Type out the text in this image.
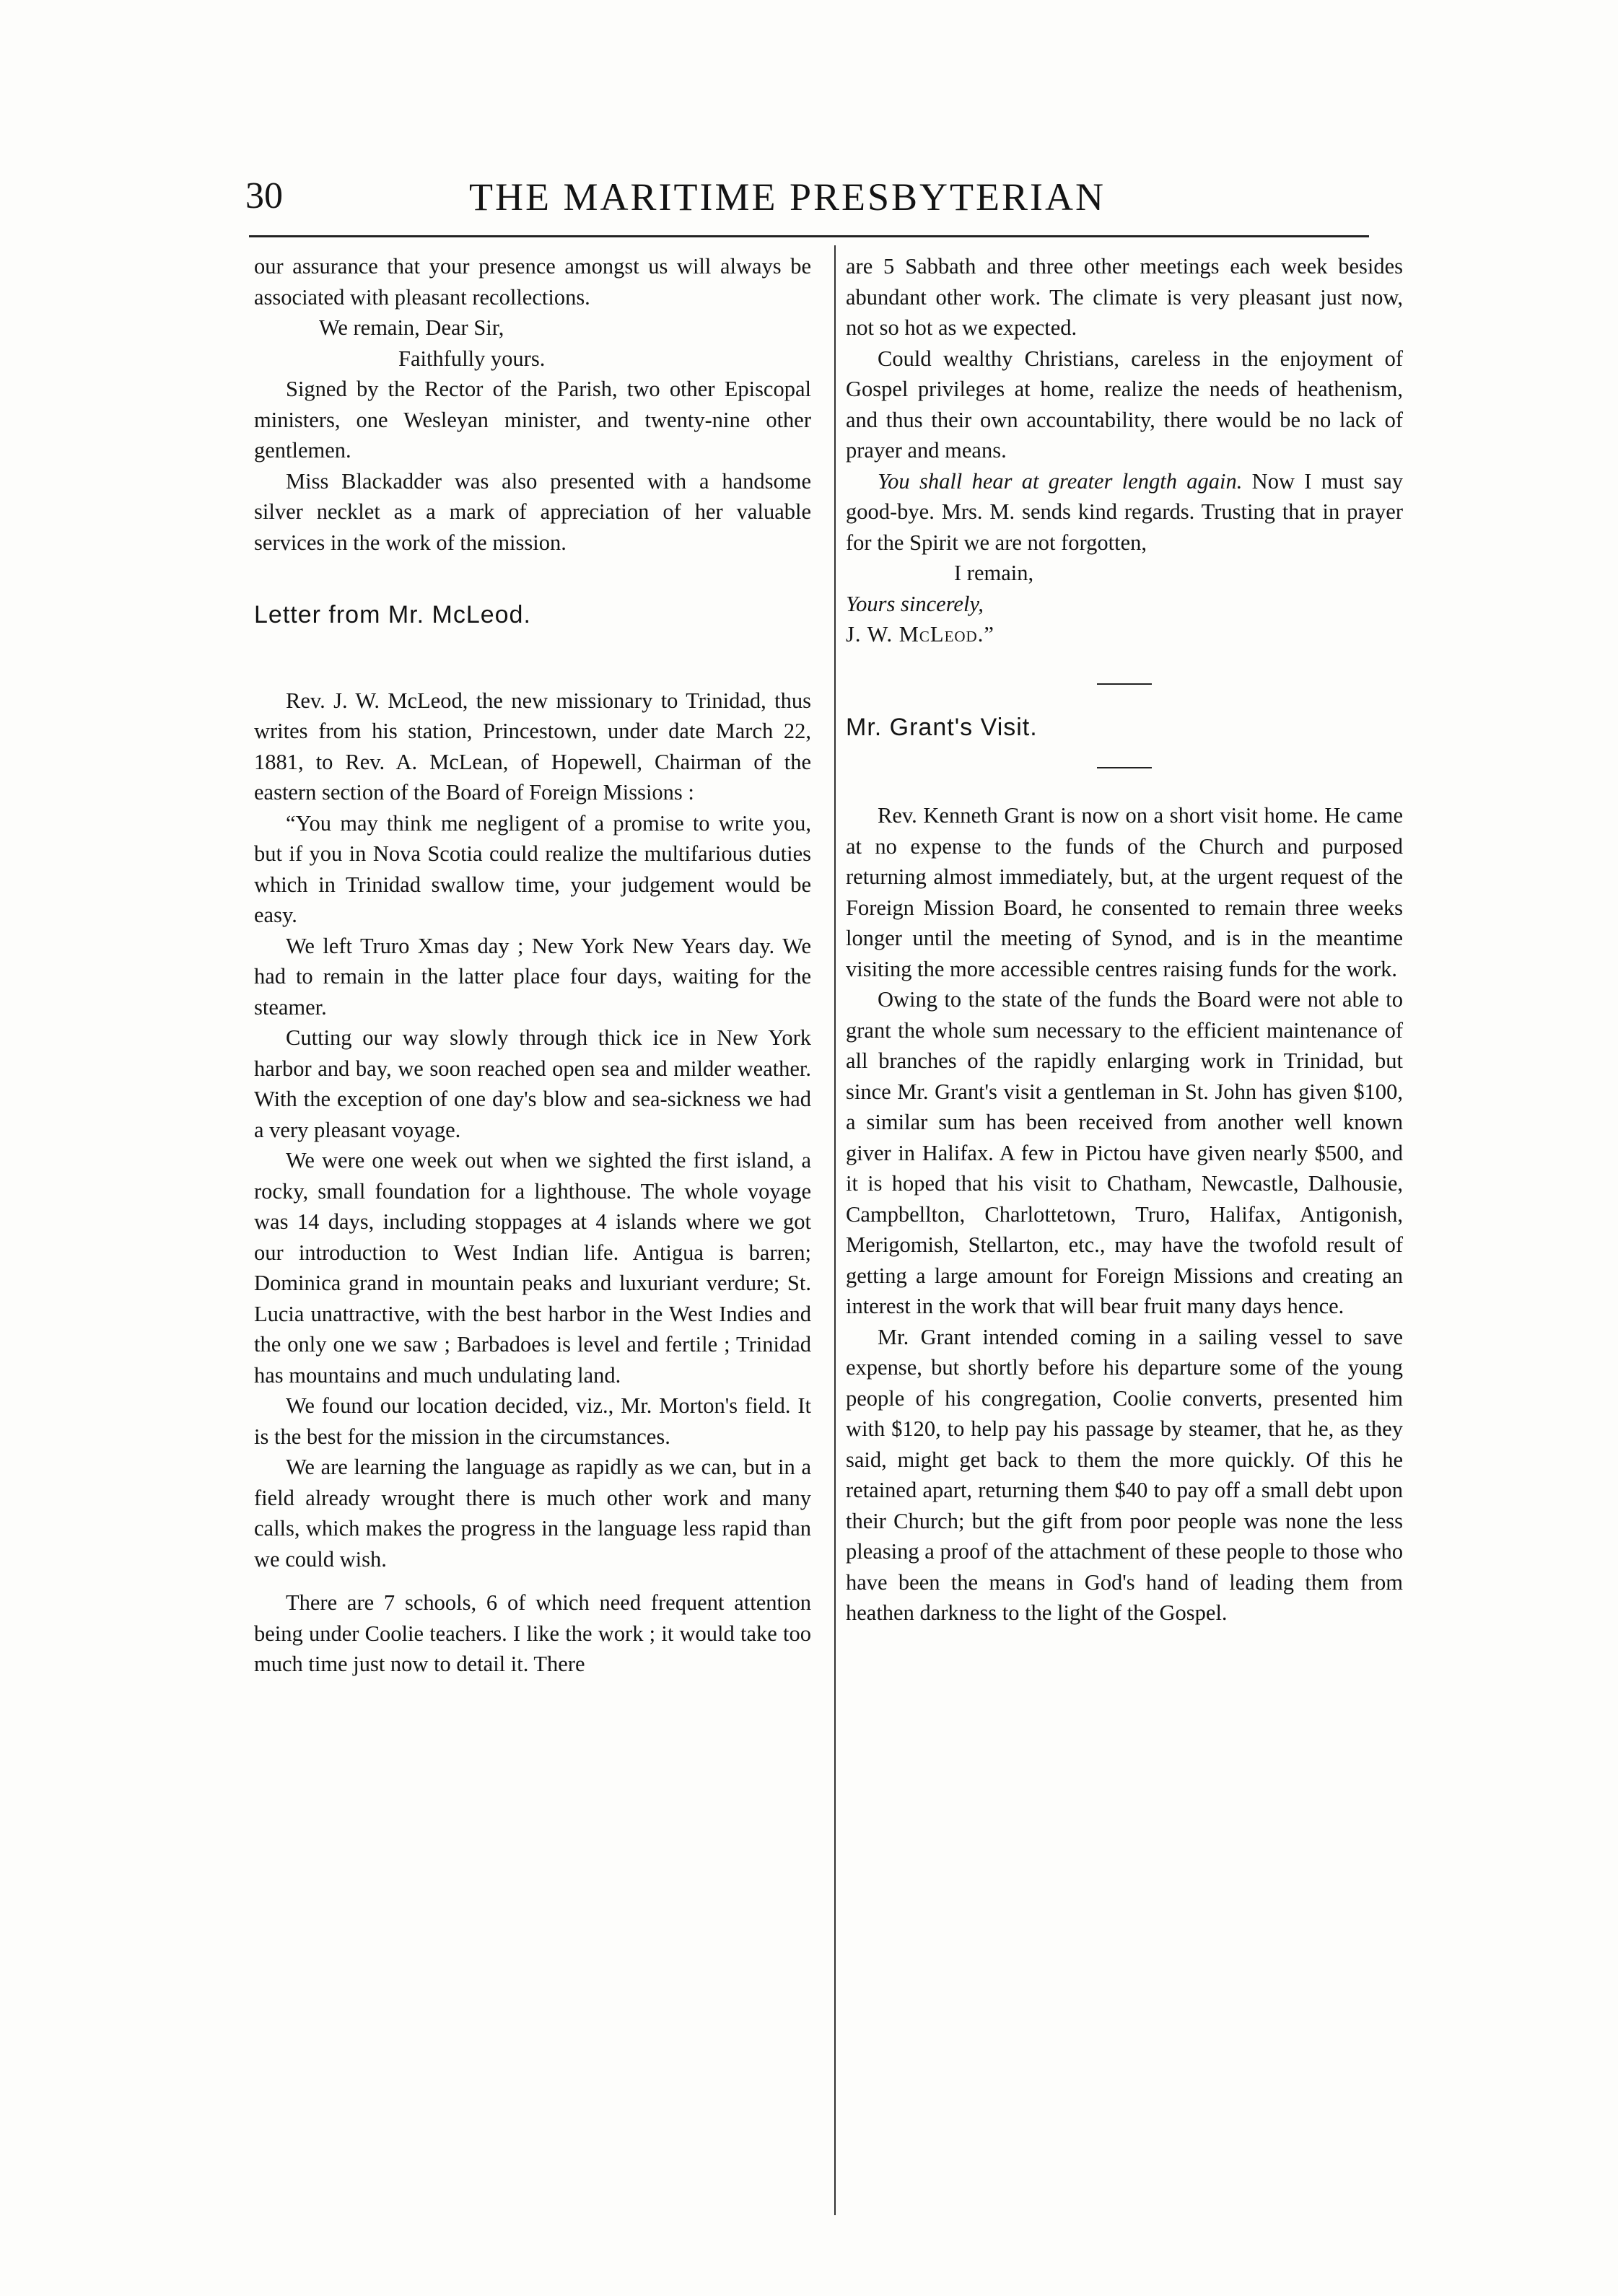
30	THE MARITIME PRESBYTERIAN

our assurance that your presence amongst us will always be associated with pleasant recollections.

We remain, Dear Sir,

Faithfully yours.

Signed by the Rector of the Parish, two other Episcopal ministers, one Wesleyan minister, and twenty-nine other gentlemen.

Miss Blackadder was also presented with a handsome silver necklet as a mark of appreciation of her valuable services in the work of the mission.

Letter from Mr. McLeod.

Rev. J. W. McLeod, the new missionary to Trinidad, thus writes from his station, Princestown, under date March 22, 1881, to Rev. A. McLean, of Hopewell, Chairman of the eastern section of the Board of Foreign Missions :

“You may think me negligent of a promise to write you, but if you in Nova Scotia could realize the multifarious duties which in Trinidad swallow time, your judgement would be easy.

We left Truro Xmas day ; New York New Years day. We had to remain in the latter place four days, waiting for the steamer.

Cutting our way slowly through thick ice in New York harbor and bay, we soon reached open sea and milder weather. With the exception of one day's blow and sea-sickness we had a very pleasant voyage.

We were one week out when we sighted the first island, a rocky, small foundation for a lighthouse. The whole voyage was 14 days, including stoppages at 4 islands where we got our introduction to West Indian life. Antigua is barren; Dominica grand in mountain peaks and luxuriant verdure; St. Lucia unattractive, with the best harbor in the West Indies and the only one we saw ; Barbadoes is level and fertile ; Trinidad has mountains and much undulating land.

We found our location decided, viz., Mr. Morton's field. It is the best for the mission in the circumstances.

We are learning the language as rapidly as we can, but in a field already wrought there is much other work and many calls, which makes the progress in the language less rapid than we could wish.

There are 7 schools, 6 of which need frequent attention being under Coolie teachers. I like the work ; it would take too much time just now to detail it. There

are 5 Sabbath and three other meetings each week besides abundant other work. The climate is very pleasant just now, not so hot as we expected.

Could wealthy Christians, careless in the enjoyment of Gospel privileges at home, realize the needs of heathenism, and thus their own accountability, there would be no lack of prayer and means.

You shall hear at greater length again. Now I must say good-bye. Mrs. M. sends kind regards. Trusting that in prayer for the Spirit we are not forgotten,

I remain,

Yours sincerely,

J. W. McLeod.”

Mr. Grant's Visit.

Rev. Kenneth Grant is now on a short visit home. He came at no expense to the funds of the Church and purposed returning almost immediately, but, at the urgent request of the Foreign Mission Board, he consented to remain three weeks longer until the meeting of Synod, and is in the meantime visiting the more accessible centres raising funds for the work.

Owing to the state of the funds the Board were not able to grant the whole sum necessary to the efficient maintenance of all branches of the rapidly enlarging work in Trinidad, but since Mr. Grant's visit a gentleman in St. John has given $100, a similar sum has been received from another well known giver in Halifax. A few in Pictou have given nearly $500, and it is hoped that his visit to Chatham, Newcastle, Dalhousie, Campbellton, Charlottetown, Truro, Halifax, Antigonish, Merigomish, Stellarton, etc., may have the twofold result of getting a large amount for Foreign Missions and creating an interest in the work that will bear fruit many days hence.

Mr. Grant intended coming in a sailing vessel to save expense, but shortly before his departure some of the young people of his congregation, Coolie converts, presented him with $120, to help pay his passage by steamer, that he, as they said, might get back to them the more quickly. Of this he retained apart, returning them $40 to pay off a small debt upon their Church; but the gift from poor people was none the less pleasing a proof of the attachment of these people to those who have been the means in God's hand of leading them from heathen darkness to the light of the Gospel.
